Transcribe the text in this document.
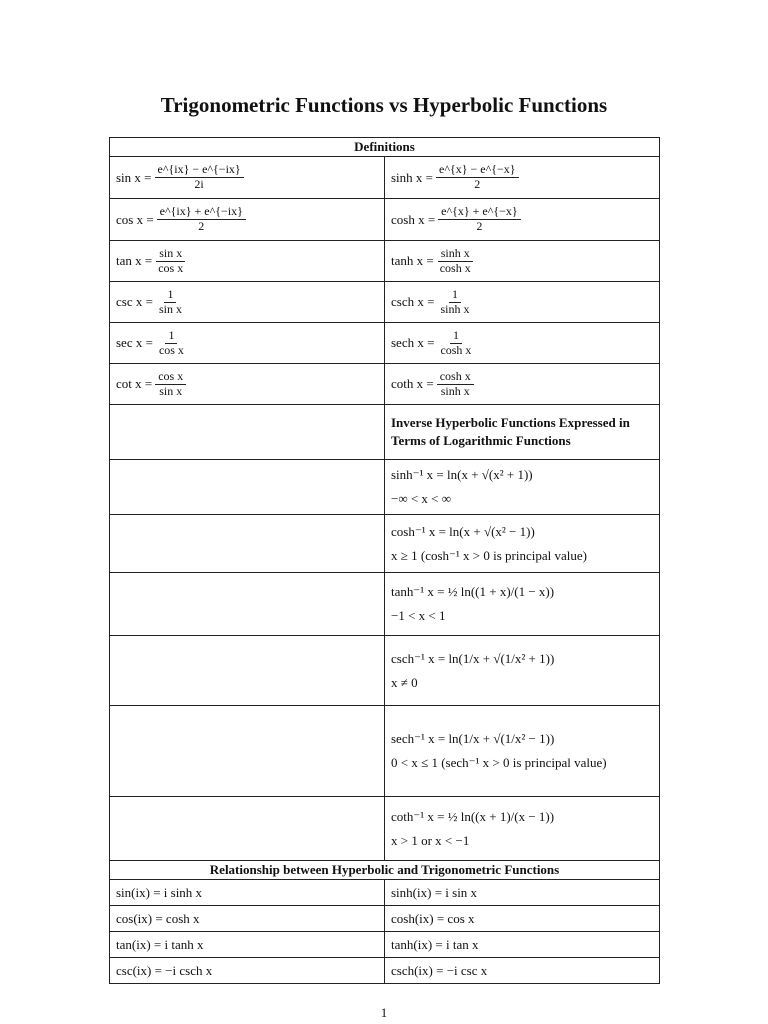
Trigonometric Functions vs Hyperbolic Functions
Definitions	

$\sin x = \frac{e\^{}\{ix\} - e\^{}\{-ix\}}{2i}$	$\sinh x = \frac{e\^{}\{x\} - e\^{}\{-x\}}{2}$

$\cos x = \frac{e\^{}\{ix\} + e\^{}\{-ix\}}{2}$	$\cosh x = \frac{e\^{}\{x\} + e\^{}\{-x\}}{2}$

$\tan x = \frac{\text{sin x}}{\text{cos x}}$	$\tanh x = \frac{\text{sinh x}}{\text{cosh x}}$

$\csc x = \frac{1}{\text{sin x}}$	csch $x = \frac{1}{\text{sinh x}}$

$\sec x = \frac{1}{\text{cos x}}$	sech $x = \frac{1}{\text{cosh x}}$

$\cot x = \frac{\text{cos x}}{\text{sin x}}$	coth $x = \frac{\text{cosh x}}{\text{sinh x}}$

	Inverse Hyperbolic Functions Expressed in Terms of Logarithmic Functions
	sinh⁻¹ x = ln(x + √(x² + 1))
−∞ < x < ∞

	cosh⁻¹ x = ln(x + √(x² − 1))
x ≥ 1 (cosh⁻¹ x > 0 is principal value)

	tanh⁻¹ x = ½ ln((1 + x)/(1 − x))
−1 < x < 1

	csch⁻¹ x = ln(1/x + √(1/x² + 1))
x ≠ 0

	sech⁻¹ x = ln(1/x + √(1/x² − 1))
0 < x ≤ 1 (sech⁻¹ x > 0 is principal value)

	coth⁻¹ x = ½ ln((x + 1)/(x − 1))
x > 1 or x < −1

Relationship between Hyperbolic and Trigonometric Functions	
sin(ix) = i sinh x	sinh(ix) = i sin x
cos(ix) = cosh x	cosh(ix) = cos x
tan(ix) = i tanh x	tanh(ix) = i tan x
csc(ix) = −i csch x	csch(ix) = −i csc x
1
